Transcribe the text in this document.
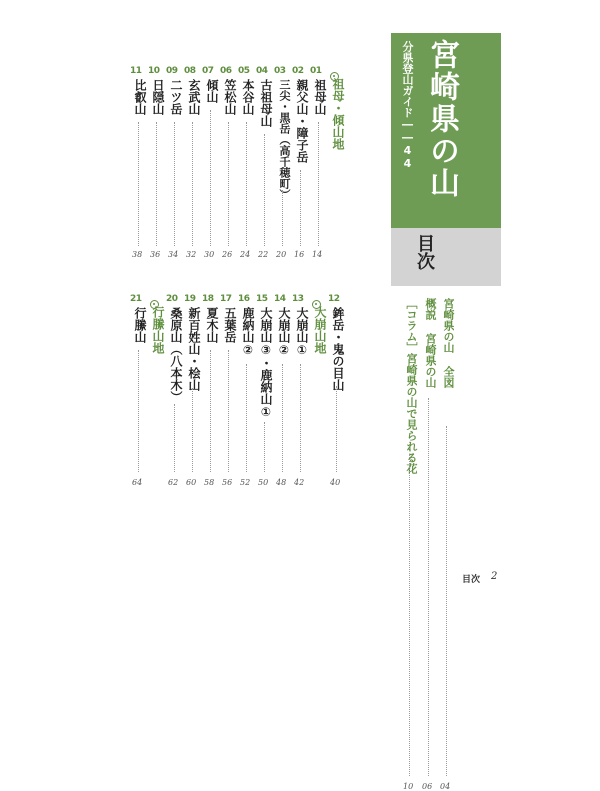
宮崎県の山
分県登山ガイド――44
目次
宮崎県の山 全図
04
概説 宮崎県の山
06
［コラム］宮崎県の山で見られる花
10
祖母・傾山地
01
祖母山
14
02
親父山・障子岳
16
03
三尖・黒岳（高千穂町）
20
04
古祖母山
22
05
本谷山
24
06
笠松山
26
07
傾山
30
08
玄武山
32
09
二ツ岳
34
10
日隠山
36
11
比叡山
38
12
鉾岳・鬼の目山
40
大崩山地
13
大崩山①
42
14
大崩山②
48
15
大崩山③・鹿納山①
50
16
鹿納山②
52
17
五葉岳
56
18
夏木山
58
19
新百姓山・桧山
60
20
桑原山（八本木）
62
行縢山地
21
行縢山
64
目次 2
